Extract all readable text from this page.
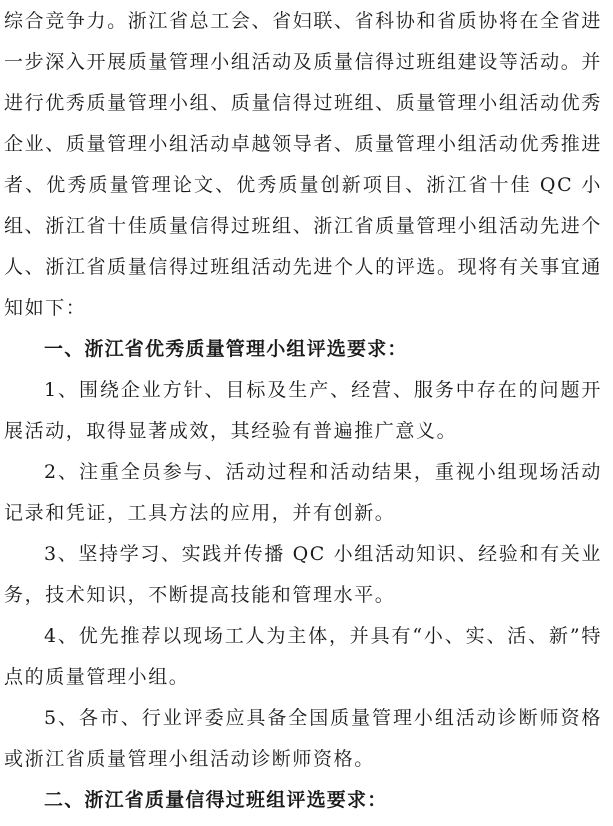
综合竞争力。浙江省总工会、省妇联、省科协和省质协将在全省进一步深入开展质量管理小组活动及质量信得过班组建设等活动。并进行优秀质量管理小组、质量信得过班组、质量管理小组活动优秀企业、质量管理小组活动卓越领导者、质量管理小组活动优秀推进者、优秀质量管理论文、优秀质量创新项目、浙江省十佳 QC 小组、浙江省十佳质量信得过班组、浙江省质量管理小组活动先进个人、浙江省质量信得过班组活动先进个人的评选。现将有关事宜通知如下：

一、浙江省优秀质量管理小组评选要求：

1、围绕企业方针、目标及生产、经营、服务中存在的问题开展活动，取得显著成效，其经验有普遍推广意义。

2、注重全员参与、活动过程和活动结果，重视小组现场活动记录和凭证，工具方法的应用，并有创新。

3、坚持学习、实践并传播 QC 小组活动知识、经验和有关业务，技术知识，不断提高技能和管理水平。

4、优先推荐以现场工人为主体，并具有“小、实、活、新”特点的质量管理小组。

5、各市、行业评委应具备全国质量管理小组活动诊断师资格或浙江省质量管理小组活动诊断师资格。

二、浙江省质量信得过班组评选要求：
